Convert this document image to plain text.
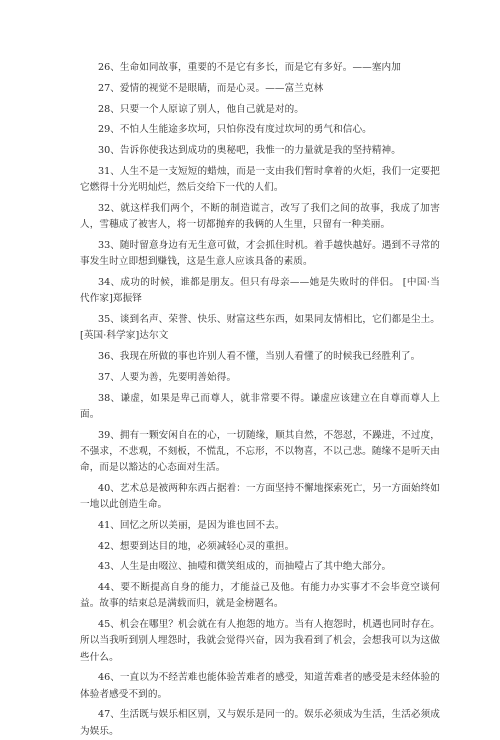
26、生命如同故事，重要的不是它有多长，而是它有多好。——塞内加

27、爱情的视觉不是眼睛，而是心灵。——富兰克林

28、只要一个人原谅了别人，他自己就是对的。

29、不怕人生能途多坎坷，只怕你没有度过坎坷的勇气和信心。

30、告诉你使我达到成功的奥秘吧，我惟一的力量就是我的坚持精神。

31、人生不是一支短短的蜡烛，而是一支由我们暂时拿着的火炬，我们一定要把它燃得十分光明灿烂，然后交给下一代的人们。

32、就这样我们两个，不断的制造谎言，改写了我们之间的故事，我成了加害人，雪穗成了被害人，将一切都抛弃的我俩的人生里，只留有一种美丽。

33、随时留意身边有无生意可做，才会抓住时机。着手越快越好。遇到不寻常的事发生时立即想到赚钱，这是生意人应该具备的素质。

34、成功的时候，谁都是朋友。但只有母亲——她是失败时的伴侣。 [中国·当代作家]郑振铎

35、谈到名声、荣誉、快乐、财富这些东西，如果同友情相比，它们都是尘土。 [英国·科学家]达尔文

36、我现在所做的事也许别人看不懂，当别人看懂了的时候我已经胜利了。

37、人要为善，先要明善始得。

38、谦虚，如果是卑己而尊人，就非常要不得。谦虚应该建立在自尊而尊人上面。

39、拥有一颗安闲自在的心，一切随缘，顺其自然，不怨怼，不躁进，不过度，不强求，不悲观，不刻板，不慌乱，不忘形，不以物喜，不以己悲。随缘不是听天由命，而是以豁达的心态面对生活。

40、艺术总是被两种东西占据着：一方面坚持不懈地探索死亡，另一方面始终如一地以此创造生命。

41、回忆之所以美丽，是因为谁也回不去。

42、想要到达目的地，必须减轻心灵的重担。

43、人生是由啜泣、抽噎和微笑组成的，而抽噎占了其中绝大部分。

44、要不断提高自身的能力，才能益己及他。有能力办实事才不会毕竟空谈何益。故事的结束总是满载而归，就是金榜题名。

45、机会在哪里？机会就在有人抱怨的地方。当有人抱怨时，机遇也同时存在。所以当我听到别人埋怨时，我就会觉得兴奋，因为我看到了机会，会想我可以为这做些什么。

46、一直以为不经苦难也能体验苦难者的感受，知道苦难者的感受是未经体验的体验者感受不到的。

47、生活既与娱乐相区别，又与娱乐是同一的。娱乐必须成为生活，生活必须成为娱乐。
